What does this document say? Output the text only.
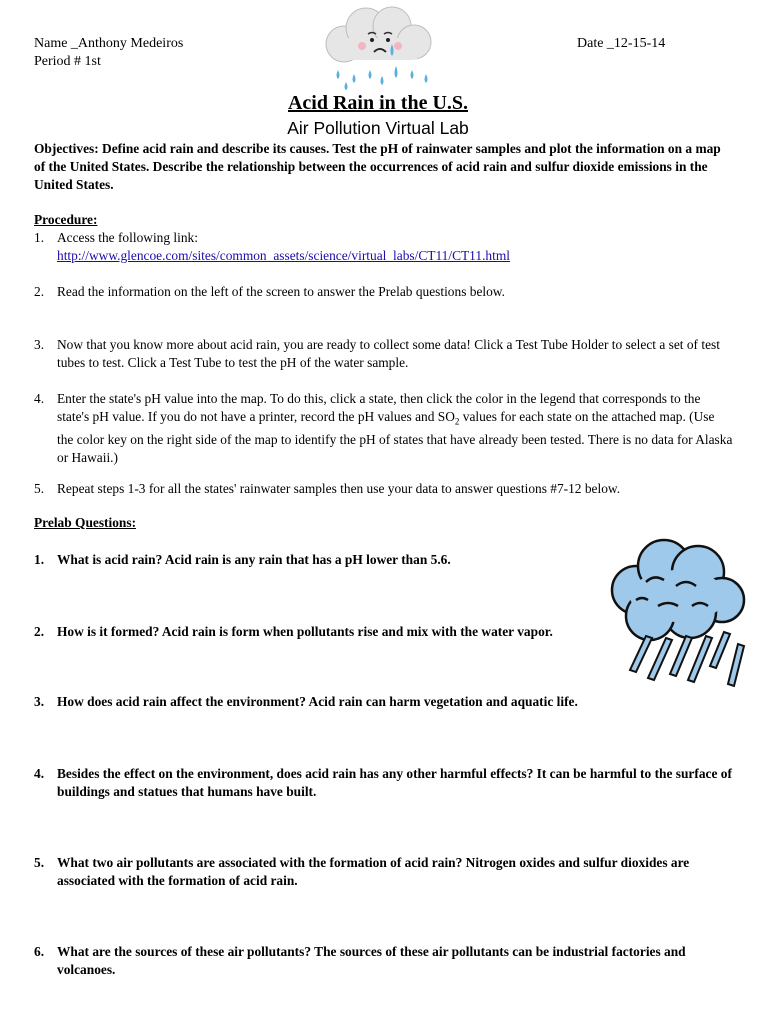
Name _Anthony Medeiros
Period # 1st
Date _12-15-14
Acid Rain in the U.S.
Air Pollution Virtual Lab
Objectives: Define acid rain and describe its causes. Test the pH of rainwater samples and plot the information on a map of the United States. Describe the relationship between the occurrences of acid rain and sulfur dioxide emissions in the United States.
Procedure:
1. Access the following link:
http://www.glencoe.com/sites/common_assets/science/virtual_labs/CT11/CT11.html
2. Read the information on the left of the screen to answer the Prelab questions below.
3. Now that you know more about acid rain, you are ready to collect some data! Click a Test Tube Holder to select a set of test tubes to test. Click a Test Tube to test the pH of the water sample.
4. Enter the state's pH value into the map. To do this, click a state, then click the color in the legend that corresponds to the state's pH value. If you do not have a printer, record the pH values and $SO_2$ values for each state on the attached map. (Use the color key on the right side of the map to identify the pH of states that have already been tested. There is no data for Alaska or Hawaii.)
5. Repeat steps 1-3 for all the states' rainwater samples then use your data to answer questions #7-12 below.
Prelab Questions:
1. What is acid rain? Acid rain is any rain that has a pH lower than 5.6.
2. How is it formed? Acid rain is form when pollutants rise and mix with the water vapor.
3. How does acid rain affect the environment? Acid rain can harm vegetation and aquatic life.
4. Besides the effect on the environment, does acid rain has any other harmful effects? It can be harmful to the surface of buildings and statues that humans have built.
5. What two air pollutants are associated with the formation of acid rain? Nitrogen oxides and sulfur dioxides are associated with the formation of acid rain.
6. What are the sources of these air pollutants? The sources of these air pollutants can be industrial factories and volcanoes.
